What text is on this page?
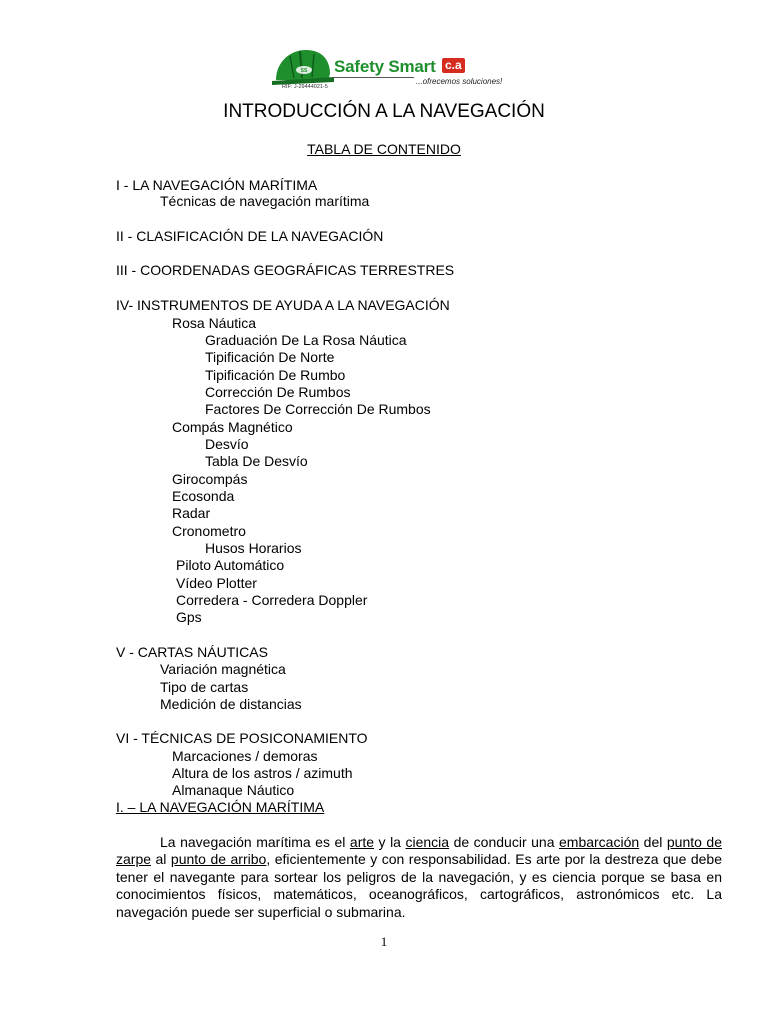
SS Safety Smart c.a
...ofrecemos soluciones!
RIF: J-29444021-5
INTRODUCCIÓN A LA NAVEGACIÓN
TABLA DE CONTENIDO
I - LA NAVEGACIÓN MARÍTIMA
Técnicas de navegación marítima
II - CLASIFICACIÓN DE LA NAVEGACIÓN
III - COORDENADAS GEOGRÁFICAS TERRESTRES
IV- INSTRUMENTOS DE AYUDA A LA NAVEGACIÓN
Rosa Náutica
Graduación De La Rosa Náutica
Tipificación De Norte
Tipificación De Rumbo
Corrección De Rumbos
Factores De Corrección De Rumbos
Compás Magnético
Desvío
Tabla De Desvío
Girocompás
Ecosonda
Radar
Cronometro
Husos Horarios
Piloto Automático
Vídeo Plotter
Corredera - Corredera Doppler
Gps
V - CARTAS NÁUTICAS
Variación magnética
Tipo de cartas
Medición de distancias
VI - TÉCNICAS DE POSICONAMIENTO
Marcaciones / demoras
Altura de los astros / azimuth
Almanaque Náutico
I. – LA NAVEGACIÓN MARÍTIMA
La navegación marítima es el arte y la ciencia de conducir una embarcación del punto de zarpe al punto de arribo, eficientemente y con responsabilidad. Es arte por la destreza que debe tener el navegante para sortear los peligros de la navegación, y es ciencia porque se basa en conocimientos físicos, matemáticos, oceanográficos, cartográficos, astronómicos etc. La navegación puede ser superficial o submarina.
1
